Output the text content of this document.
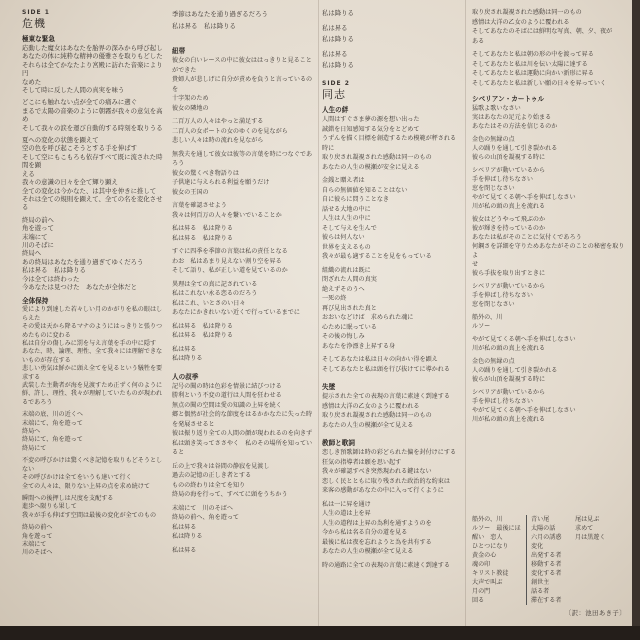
SIDE 1
危機
極東な緊急
応動した魔女はあなたを胎界の深みから呼び起し
あなたの体に純粋な精神の優雅さを取りもどした
それらは全てかなたより宮殿に訪れた音楽により円
なめた
そして時に反した人間の真実を味う
どこにも触れない点が全ての痛みに遡ぐ
まるで太陽の音楽のように朝霧が我々の意気を高め
そして我々の涙を運び自動的する時刻を取りうる
夏への変化の状態を顕えて
空の色を呼び起こそうとする手を伸ばす
そして空にもこもろも依存すべて既に流された時間を顕
える
我々の意識の日々を全て輝り顕え
全ての変化は今かなた、は其中を仲きに推して
それは全ての規則を顕えて、全ての名を変化させる
終局の前へ
角を遊って
末端にて
川のそばに
終局へ
あの終局はあなたを通り過ぎてゆくだろう
私は昇る　私は降りる
今は全ては終わった
今あなたは見つけた　あなたが全体だと
全体保持
愛により到達した若々しい月のかがりを私の眼はし
らえた
その愛は天から降るマナのようにはっきりと張りつ
めたものに変わる
私は自分の傷しみに罰を与え言葉を手の中に隠す
あなた、時、論理、理性、全て我々には理解できな
いものが存在する
悲しい勇気は鮮かに頭え全てを見るという犠牲を要
求する
武装した主動者が海を見渡すため正ずく何のように
鮮、許し、理性、我々が理解していたものが現われ
るであろう
末端の底、川の近くへ
末端にて、角を遊って
終局へ
終局にて、角を遊って
終局にて
不変の呼びかけは驚くべき記憶を取りもどそうとしない
その呼びかけは全てをいうも達いて行く
全ての人々は、限りない上昇の点を求め続けて
瞬間への後押しは尺度を支配する
進歩へ限りも果して
我々が手も伸ばす空間は最後の変化が全てのもの
終局の前へ
角を遊って
末端にて
川のそばへ
季節はあなたを通り過ぎるだろう
私は昇る　私は降りる
紐帯
彼女の白いレースの中に彼女ははっきりと見ること
ができた
貴婦人が悲しげに自分が責めを負うと言っているのを
十字架のため
彼女の隣地の
二百万人の人々はやっと満足する
二百人の女ポートの女のゆくのを見ながら
悲しい人々は時の流れを見ながら
無我夫を通して彼女は彼等の言葉を時につなぐであろう
彼女の驚くべき物語りは
子供達に与えられる利益を願うだけ
彼女の王国の
言葉を確認させよう
我々は何百万の人々を繋いでいることか
私は昇る　私は降りる
私は昇る　私は降りる
すぐに四季を季節の言葉は私の責任となる
わお　私はあまり見えない割り空を昇る
そして語り、私が正しい道を見ているのか
異理は全ての真に記されている
私はこれない永る恋るのだろう
私はこれ、いとさのい日々
あなたにかきれいない近くで行っているまでに
私は昇る　私は降りる
私は昇る　私は降りる
私は昇る
私は降りる
人の叔季
記号の聞の時は色彩を情景に結びつける
勝利という不変の道行は人間を狂わせる
無点の聞の空間は愛の知識の上昇を続く
郷と偶然が社会的な節度をはるかかなたに失った時
を発展させると
彼は振り返り全ての人間の顔が現われるのを向きず
私は頭き笑ってささやく　私のその場所を知ってい
ると
丘の上で我々は谷間の静寂を見渡し
過去の記憶の正しき者とする
ものの終わりは全てを知り
終局の海を行って、すべてに頭をうちかう
末端にて　川のそばへ
終局の前へ、角を遊って
私は昇る
私は降りる
私は昇る
私は降りる
私は昇る
私は降りる
私は昇る
私は降りる
SIDE 2
同志
人生の絆
人間はすぐさま夢の源を想い出った
誠錯を日知感知する気分をとどめて
うずんを描く目標を創造するため模範が秤される時に
取り戻され凝視された感動は同一のもの
あなたの人生の模瀬が安全に見える
金銭と贈え者は
自らの無価値を知ることはない
自に彼らに問うことなき
話せる大地の中に
人生は人生の中に
そして与えを生んで
彼らは何人ない
世界を支えるもの
我々が最も適することを見をもっている
組織の流れは既に
閉ざれた人間の真実
絶えずそのうへ
一死の終
再び見出された真と
おおいなどけば　求められた魂に
心ために眠っている
その後の悔しみ
あなたを浄漂き上昇する身
そしてあなたは私は日々の向かい得を顕え
そしてあなたと私は頭を行び抜けてに導かれる
失墜
提示された全ての表現の言葉に素速く到達する
感情は大洋の乙女のように覆われる
取り戻され凝視された感動は同一のもの
あなたの人生の模瀬が全て見える
教師と歌詞
恋しき預歌師は時の彩どられた偏を封付けにする
狂気の指導者は願を思い起す
我々が確認すべき突然現われる鍵はない
恋しく民とともに取り残された政治的な約束は
来客の感動があなたの中に入って行くように
私は一に昇を通け
人生の道は上を昇
人生の道程は上昇の為利を通すようのを
今から私は名る自分の道を見る
最後に私は夜を忘れようと為を共有する
あなたの人生の模瀬が全て見える
時の通路に全ての表現の言葉に素速く到達する
取り戻され凝視された感動は同一のもの
感情は大洋の乙女のように覆われる
そしてあなたのそばには鮮明な写真、朝、夕、夜が
ある
そしてあなたと私は朝の形の中を渡って昇る
そしてあなたと私は川を伝い太陽に達する
そしてあなたと私は運動に向かい新形に昇る
そしてあなたと私は新しい願の日々を昇っていく
シベリアン・カートゥル
猛歌よ歌いなさい
実はあなたの足元より始まる
あなたはその方法を信じるのか
金色の無縁の点
人の踊りを通して引き裂かれる
彼らの山頂を凝視する時に
シベリアが動いているから
手を伸ばし待ちなさい
窓を閉じなさい
やがて見てくる朝へ手を伸ばしなさい
川が私の頭の真上を流れる
彼女はどうやって飛ぶのか
彼が輝きを持っているのか
あなたは私がそのことに気付くであろう
何鋼さを詳細を守りためあなたがそのことの秘密を取りよ
せ
彼ら手抜を取り出すときに
シベリアが動いているから
手を伸ばし待ちなさい
窓を閉じなさい
船外の、川
ルソー
やがて見てくる朝へ手を伸ばしなさい
川が私の頭の真上を流れる
金色の無縁の点
人の踊りを通して引き裂かれる
彼らが山頂を凝視する時に
シベリアが動いているから
手を伸ばし待ちなさい
やがて見てくる朝へ手を伸ばしなさい
川が私の頭の真上を流れる
船外の、川
ルソー　最後にほ
醒い　恋人
ひとつになり
黄金の心
魂の印
キリスト教徒
大声で叫ぶ
月の門
回る
青い尾
太陽の話
六月の誘惑
変化
出発する者
移動する者
変化する者
創世主
話る者
滞在する者
尾は見ぶ
求めて
月は黒遊く
〔訳：池田あき子〕
